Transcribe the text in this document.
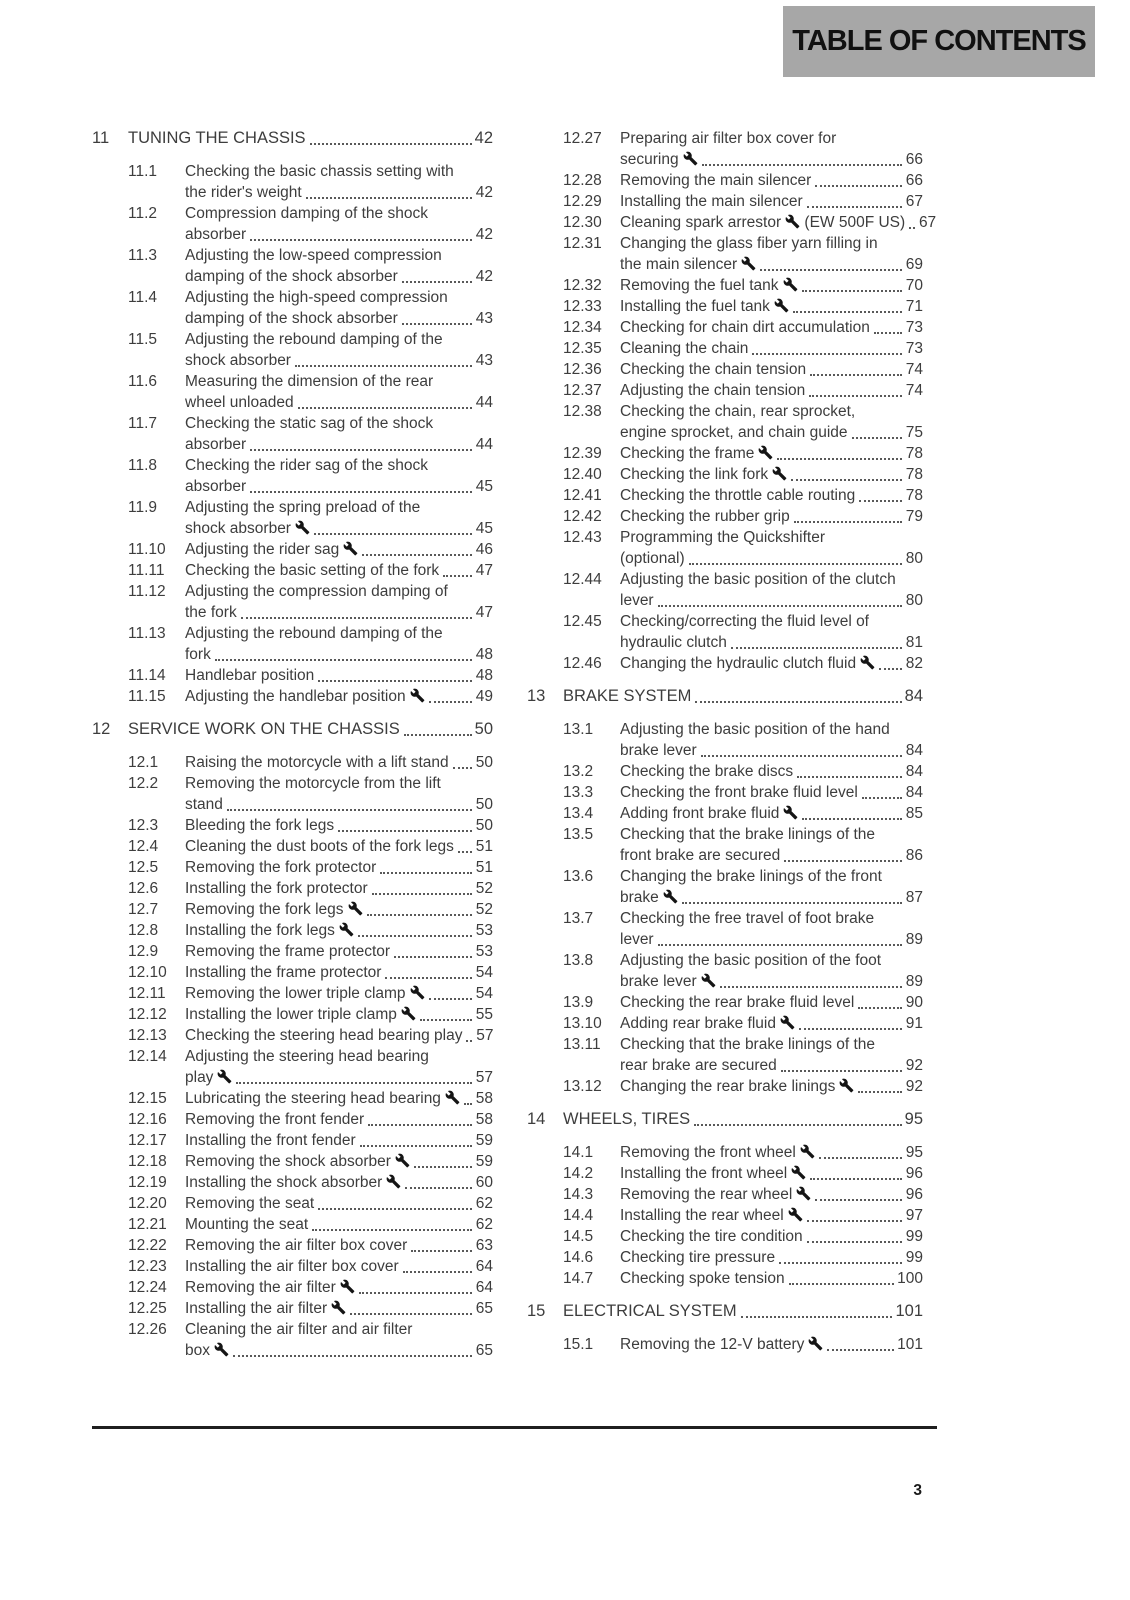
TABLE OF CONTENTS
11	TUNING THE CHASSIS	42
11.1	Checking the basic chassis setting with
the rider's weight	42
11.2	Compression damping of the shock
absorber	42
11.3	Adjusting the low-speed compression
damping of the shock absorber	42
11.4	Adjusting the high-speed compression
damping of the shock absorber	43
11.5	Adjusting the rebound damping of the
shock absorber	43
11.6	Measuring the dimension of the rear
wheel unloaded	44
11.7	Checking the static sag of the shock
absorber	44
11.8	Checking the rider sag of the shock
absorber	45
11.9	Adjusting the spring preload of the
shock absorber	45
11.10	Adjusting the rider sag	46
11.11	Checking the basic setting of the fork 47
11.12	Adjusting the compression damping of
the fork	47
11.13	Adjusting the rebound damping of the
fork	48
11.14	Handlebar position	48
11.15	Adjusting the handlebar position	49
12	SERVICE WORK ON THE CHASSIS	50
12.1	Raising the motorcycle with a lift stand 50
12.2	Removing the motorcycle from the lift
stand	50
12.3	Bleeding the fork legs	50
12.4	Cleaning the dust boots of the fork legs 51
12.5	Removing the fork protector	51
12.6	Installing the fork protector	52
12.7	Removing the fork legs	52
12.8	Installing the fork legs	53
12.9	Removing the frame protector	53
12.10	Installing the frame protector	54
12.11	Removing the lower triple clamp	54
12.12	Installing the lower triple clamp	55
12.13	Checking the steering head bearing play 57
12.14	Adjusting the steering head bearing
play	57
12.15	Lubricating the steering head bearing	58
12.16	Removing the front fender	58
12.17	Installing the front fender	59
12.18	Removing the shock absorber	59
12.19	Installing the shock absorber	60
12.20	Removing the seat	62
12.21	Mounting the seat	62
12.22	Removing the air filter box cover	63
12.23	Installing the air filter box cover	64
12.24	Removing the air filter	64
12.25	Installing the air filter	65
12.26	Cleaning the air filter and air filter
box	65
12.27	Preparing air filter box cover for
securing	66
12.28	Removing the main silencer	66
12.29	Installing the main silencer	67
12.30	Cleaning spark arrestor (EW 500F US) 67
12.31	Changing the glass fiber yarn filling in
the main silencer	69
12.32	Removing the fuel tank	70
12.33	Installing the fuel tank	71
12.34	Checking for chain dirt accumulation 73
12.35	Cleaning the chain	73
12.36	Checking the chain tension	74
12.37	Adjusting the chain tension	74
12.38	Checking the chain, rear sprocket,
engine sprocket, and chain guide	75
12.39	Checking the frame	78
12.40	Checking the link fork	78
12.41	Checking the throttle cable routing	78
12.42	Checking the rubber grip	79
12.43	Programming the Quickshifter
(optional)	80
12.44	Adjusting the basic position of the clutch
lever	80
12.45	Checking/correcting the fluid level of
hydraulic clutch	81
12.46	Changing the hydraulic clutch fluid	82
13	BRAKE SYSTEM	84
13.1	Adjusting the basic position of the hand
brake lever	84
13.2	Checking the brake discs	84
13.3	Checking the front brake fluid level	84
13.4	Adding front brake fluid	85
13.5	Checking that the brake linings of the
front brake are secured	86
13.6	Changing the brake linings of the front
brake	87
13.7	Checking the free travel of foot brake
lever	89
13.8	Adjusting the basic position of the foot
brake lever	89
13.9	Checking the rear brake fluid level	90
13.10	Adding rear brake fluid	91
13.11	Checking that the brake linings of the
rear brake are secured	92
13.12	Changing the rear brake linings	92
14	WHEELS, TIRES	95
14.1	Removing the front wheel	95
14.2	Installing the front wheel	96
14.3	Removing the rear wheel	96
14.4	Installing the rear wheel	97
14.5	Checking the tire condition	99
14.6	Checking tire pressure	99
14.7	Checking spoke tension	100
15	ELECTRICAL SYSTEM	101
15.1	Removing the 12-V battery	101
3
